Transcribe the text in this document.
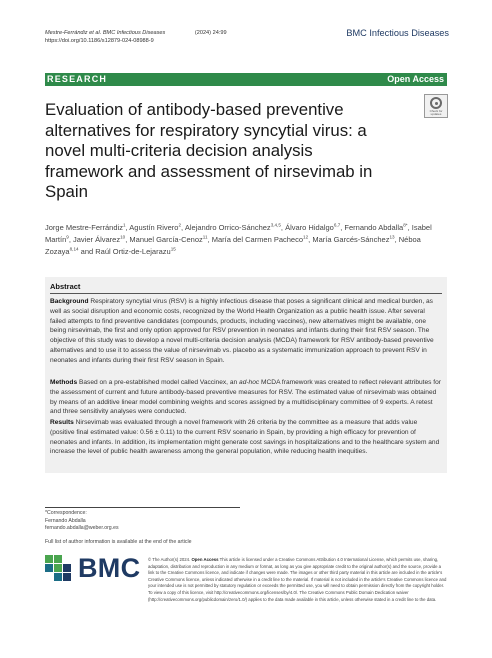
Mestre-Ferrándiz et al. BMC Infectious Diseases	(2024) 24:99
https://doi.org/10.1186/s12879-024-08988-9
BMC Infectious Diseases
RESEARCH	Open Access
Evaluation of antibody-based preventive alternatives for respiratory syncytial virus: a novel multi-criteria decision analysis framework and assessment of nirsevimab in Spain
Check for updates
Jorge Mestre-Ferrándiz$^1$, Agustín Rivero$^2$, Alejandro Orrico-Sánchez$^{3,4,5}$, Álvaro Hidalgo$^{6,7}$, Fernando Abdalla$^{8*}$, Isabel Martín$^9$, Javier Álvarez$^{10}$, Manuel García-Cenoz$^{11}$, María del Carmen Pacheco$^{12}$, María Garcés-Sánchez$^{13}$, Néboa Zozaya$^{8,14}$ and Raúl Ortiz-de-Lejarazu$^{15}$
Abstract

Background Respiratory syncytial virus (RSV) is a highly infectious disease that poses a significant clinical and medical burden, as well as social disruption and economic costs, recognized by the World Health Organization as a public health issue. After several failed attempts to find preventive candidates (compounds, products, including vaccines), new alternatives might be available, one being nirsevimab, the first and only option approved for RSV prevention in neonates and infants during their first RSV season. The objective of this study was to develop a novel multi-criteria decision analysis (MCDA) framework for RSV antibody-based preventive alternatives and to use it to assess the value of nirsevimab vs. placebo as a systematic immunization approach to prevent RSV in neonates and infants during their first RSV season in Spain.

Methods Based on a pre-established model called Vaccinex, an ad-hoc MCDA framework was created to reflect relevant attributes for the assessment of current and future antibody-based preventive measures for RSV. The estimated value of nirsevimab was obtained by means of an additive linear model combining weights and scores assigned by a multidisciplinary committee of 9 experts. A retest and three sensitivity analyses were conducted.

Results Nirsevimab was evaluated through a novel framework with 26 criteria by the committee as a measure that adds value (positive final estimated value: 0.56 ± 0.11) to the current RSV scenario in Spain, by providing a high efficacy for prevention of neonates and infants. In addition, its implementation might generate cost savings in hospitalizations and to the healthcare system and increase the level of public health awareness among the general population, while reducing health inequities.

*Correspondence:
Fernando Abdalla
fernando.abdalla@weber.org.es
Full list of author information is available at the end of the article
BMC © The Author(s) 2024. Open Access This article is licensed under a Creative Commons Attribution 4.0 International License, which permits use, sharing, adaptation, distribution and reproduction in any medium or format, as long as you give appropriate credit to the original author(s) and the source, provide a link to the Creative Commons licence, and indicate if changes were made. The images or other third party material in this article are included in the article's Creative Commons licence, unless indicated otherwise in a credit line to the material. If material is not included in the article's Creative Commons licence and your intended use is not permitted by statutory regulation or exceeds the permitted use, you will need to obtain permission directly from the copyright holder. To view a copy of this licence, visit http://creativecommons.org/licenses/by/4.0/. The Creative Commons Public Domain Dedication waiver (http://creativecommons.org/publicdomain/zero/1.0/) applies to the data made available in this article, unless otherwise stated in a credit line to the data.
